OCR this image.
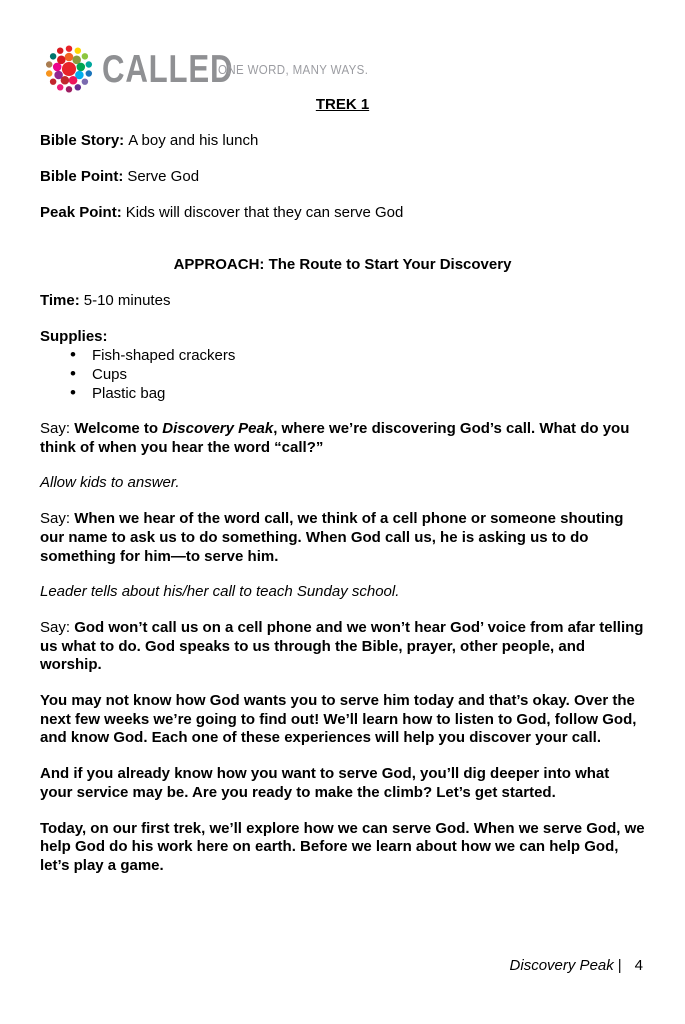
CALLED
ONE WORD, MANY WAYS.
TREK 1

Bible Story: A boy and his lunch

Bible Point: Serve God

Peak Point: Kids will discover that they can serve God

APPROACH: The Route to Start Your Discovery

Time: 5-10 minutes

Supplies:

• Fish-shaped crackers
• Cups
• Plastic bag

Say: Welcome to Discovery Peak, where we’re discovering God’s call. What do you think of when you hear the word “call?”

Allow kids to answer.

Say: When we hear of the word call, we think of a cell phone or someone shouting our name to ask us to do something. When God call us, he is asking us to do something for him—to serve him.

Leader tells about his/her call to teach Sunday school.

Say: God won’t call us on a cell phone and we won’t hear God’ voice from afar telling us what to do. God speaks to us through the Bible, prayer, other people, and worship.

You may not know how God wants you to serve him today and that’s okay. Over the next few weeks we’re going to find out! We’ll learn how to listen to God, follow God, and know God. Each one of these experiences will help you discover your call.

And if you already know how you want to serve God, you’ll dig deeper into what your service may be. Are you ready to make the climb? Let’s get started.

Today, on our first trek, we’ll explore how we can serve God. When we serve God, we help God do his work here on earth. Before we learn about how we can help God, let’s play a game.

Discovery Peak | 4
